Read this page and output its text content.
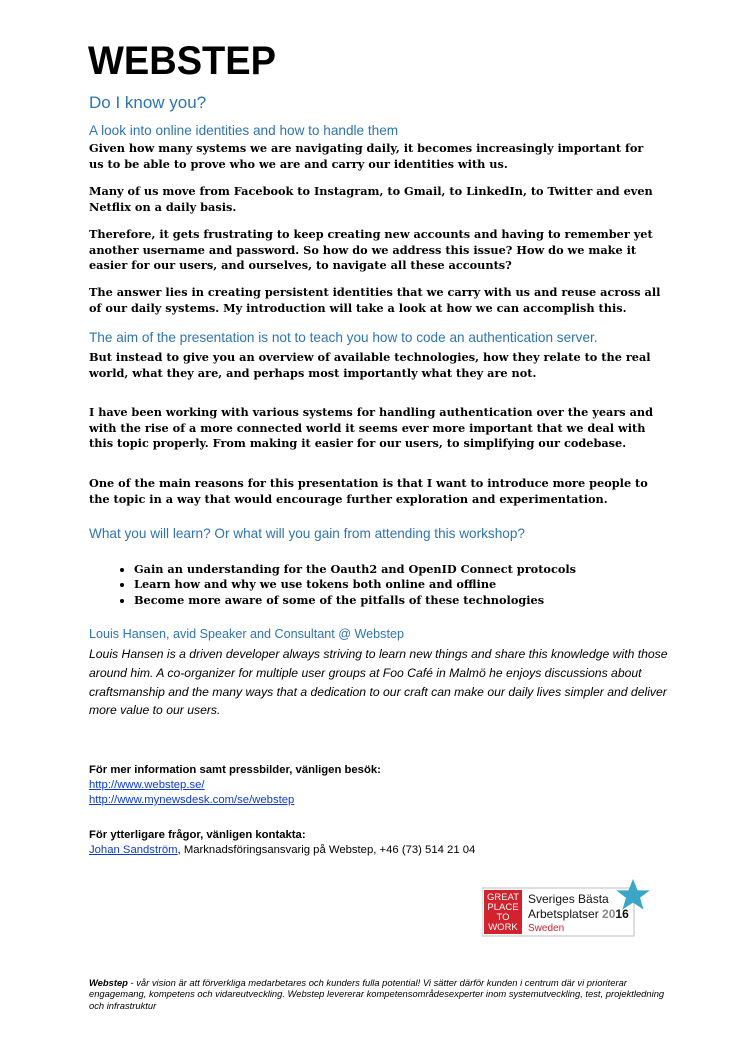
WEBSTEP
Do I know you?
A look into online identities and how to handle them

Given how many systems we are navigating daily, it becomes increasingly important for us to be able to prove who we are and carry our identities with us.

Many of us move from Facebook to Instagram, to Gmail, to LinkedIn, to Twitter and even Netflix on a daily basis.

Therefore, it gets frustrating to keep creating new accounts and having to remember yet another username and password. So how do we address this issue? How do we make it easier for our users, and ourselves, to navigate all these accounts?

The answer lies in creating persistent identities that we carry with us and reuse across all of our daily systems. My introduction will take a look at how we can accomplish this.

The aim of the presentation is not to teach you how to code an authentication server.

But instead to give you an overview of available technologies, how they relate to the real world, what they are, and perhaps most importantly what they are not.

I have been working with various systems for handling authentication over the years and with the rise of a more connected world it seems ever more important that we deal with this topic properly. From making it easier for our users, to simplifying our codebase.

One of the main reasons for this presentation is that I want to introduce more people to the topic in a way that would encourage further exploration and experimentation.

What you will learn? Or what will you gain from attending this workshop?
• Gain an understanding for the Oauth2 and OpenID Connect protocols
• Learn how and why we use tokens both online and offline
• Become more aware of some of the pitfalls of these technologies
Louis Hansen, avid Speaker and Consultant @ Webstep

Louis Hansen is a driven developer always striving to learn new things and share this knowledge with those around him. A co-organizer for multiple user groups at Foo Café in Malmö he enjoys discussions about craftsmanship and the many ways that a dedication to our craft can make our daily lives simpler and deliver more value to our users.

För mer information samt pressbilder, vänligen besök:
http://www.webstep.se/
http://www.mynewsdesk.com/se/webstep
För ytterligare frågor, vänligen kontakta:
Johan Sandström, Marknadsföringsansvarig på Webstep, +46 (73) 514 21 04
GREAT
PLACE
TO
WORK
Sveriges Bästa
Arbetsplatser 2016
Sweden

Webstep - vår vision är att förverkliga medarbetares och kunders fulla potential! Vi sätter därför kunden i centrum där vi prioriterar engagemang, kompetens och vidareutveckling. Webstep levererar kompetensområdesexperter inom systemutveckling, test, projektledning och infrastruktur
